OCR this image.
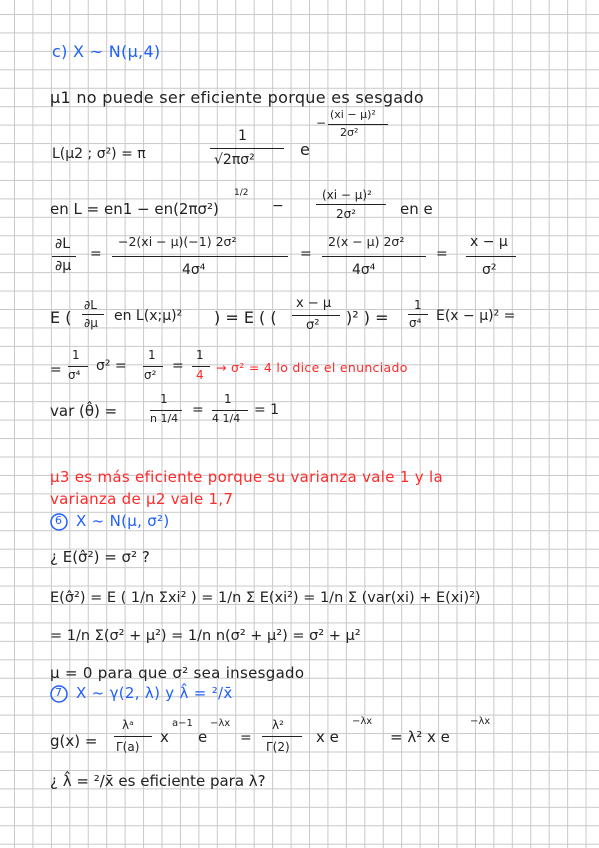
c) X ~ N(μ,4)
μ1 no puede ser eficiente porque es sesgado
L(μ2 ; σ²) = π
1
√2πσ²
e
−
(xi − μ)²
2σ²
en L = en1 − en(2πσ²)
1/2
−
(xi − μ)²
2σ²	en e
∂L
∂μ
=
−2(xi − μ)(−1) 2σ²
4σ⁴
=
2(x − μ) 2σ²
4σ⁴
=
x − μ
σ²
E (
∂L
∂μ en L(x;μ)² ) = E ( (
x − μ
σ² )² ) =
1
σ⁴ E(x − μ)² =
=
1
σ⁴
σ² =
1
σ²
=
1
4 → σ² = 4 lo dice el enunciado
var (θ̂) =
1
n 1/4
=
1
4 1/4
= 1
μ3 es más eficiente porque su varianza vale 1 y la
varianza de μ2 vale 1,7
6 X ~ N(μ, σ²)
¿ E(σ̂²) = σ² ?
E(σ̂²) = E ( 1/n Σxi² ) = 1/n Σ E(xi²) = 1/n Σ (var(xi) + E(xi)²)
= 1/n Σ(σ² + μ²) = 1/n n(σ² + μ²) = σ² + μ²
μ = 0 para que σ² sea insesgado
7 X ~ γ(2, λ) y λ̂ = ²/x̄
g(x) =
λᵃ
Γ(a)
x
a−1
e
−λx
=
λ²
Γ(2)
x e
−λx
= λ² x e
−λx
¿ λ̂ = ²/x̄ es eficiente para λ?
